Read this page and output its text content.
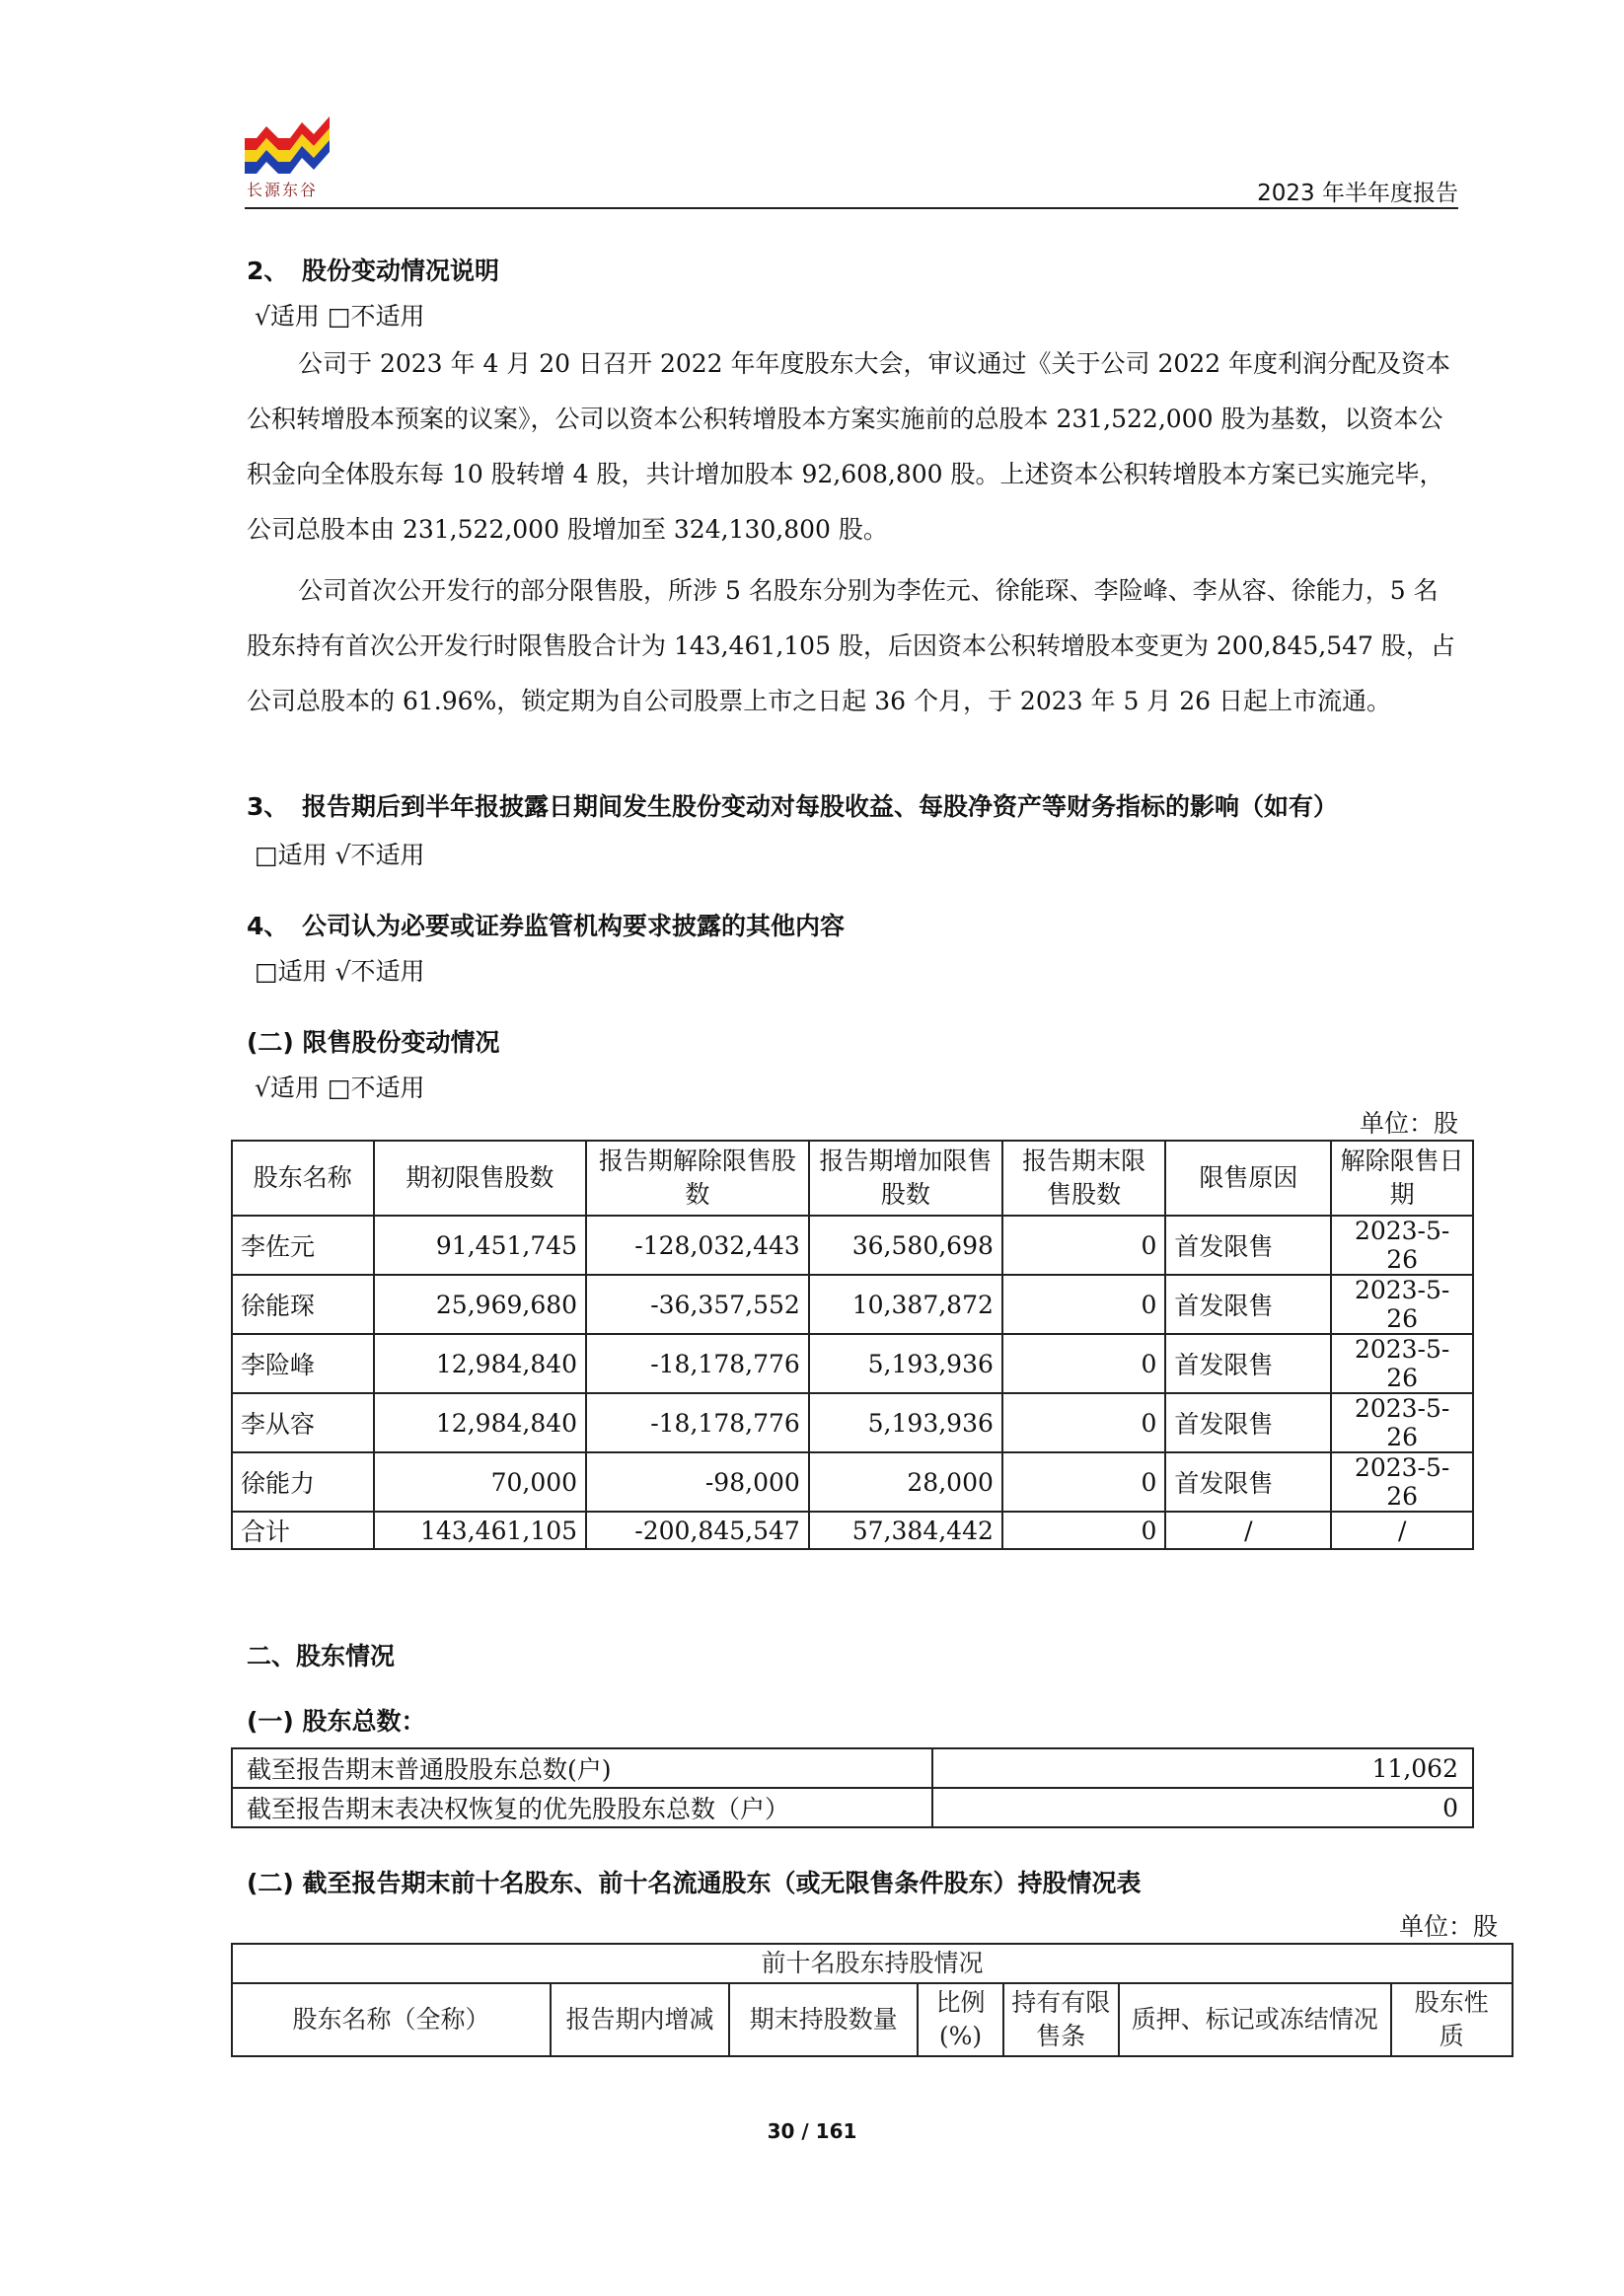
长源东谷	2023 年半年度报告

2、 股份变动情况说明

√适用 □不适用

公司于 2023 年 4 月 20 日召开 2022 年年度股东大会，审议通过《关于公司 2022 年度利润分配及资本公积转增股本预案的议案》，公司以资本公积转增股本方案实施前的总股本 231,522,000 股为基数，以资本公积金向全体股东每 10 股转增 4 股，共计增加股本 92,608,800 股。上述资本公积转增股本方案已实施完毕，公司总股本由 231,522,000 股增加至 324,130,800 股。

公司首次公开发行的部分限售股，所涉 5 名股东分别为李佐元、徐能琛、李险峰、李从容、徐能力，5 名股东持有首次公开发行时限售股合计为 143,461,105 股，后因资本公积转增股本变更为 200,845,547 股，占公司总股本的 61.96%，锁定期为自公司股票上市之日起 36 个月，于 2023 年 5 月 26 日起上市流通。

3、 报告期后到半年报披露日期间发生股份变动对每股收益、每股净资产等财务指标的影响（如有）

□适用 √不适用

4、 公司认为必要或证券监管机构要求披露的其他内容

□适用 √不适用

(二) 限售股份变动情况

√适用 □不适用
单位：股
股东名称	期初限售股数	报告期解除限售股数	报告期增加限售股数	报告期末限售股数	限售原因	解除限售日期
李佐元	91,451,745	-128,032,443	36,580,698	0	首发限售	2023-5-26
徐能琛	25,969,680	-36,357,552	10,387,872	0	首发限售	2023-5-26
李险峰	12,984,840	-18,178,776	5,193,936	0	首发限售	2023-5-26
李从容	12,984,840	-18,178,776	5,193,936	0	首发限售	2023-5-26
徐能力	70,000	-98,000	28,000	0	首发限售	2023-5-26
合计	143,461,105	-200,845,547	57,384,442	0	/	/

二、股东情况

(一) 股东总数：

截至报告期末普通股股东总数(户)	11,062
截至报告期末表决权恢复的优先股股东总数（户）	0

(二) 截至报告期末前十名股东、前十名流通股东（或无限售条件股东）持股情况表

单位：股
前十名股东持股情况
股东名称（全称）	报告期内增减	期末持股数量	比例(%)	持有有限售条	质押、标记或冻结情况	股东性质
30 / 161
